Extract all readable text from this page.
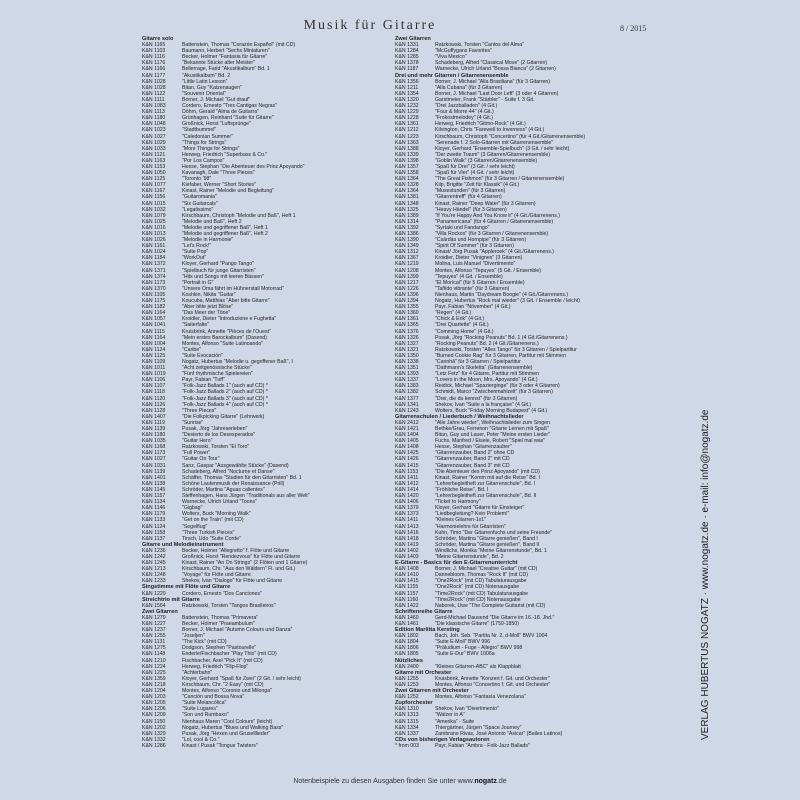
Musik für Gitarre	8 / 2015
Gitarre solo
K&N 1165	Battenstein, Thomas "Corazón Español" (mit CD)
K&N 1103	Baumann, Herbert "Sechs Miniaturen"
K&N 1116	Becker, Holmer "Fantasia für Gitarre"
K&N 1176	"Bekannte Stücke alter Meister"
K&N 1166	Bellerrage, Farid "Akustikalbum" Bd. 1
K&N 1177	"Akustikalbum" Bd. 2
K&N 1028	"Little Latin Lesson"
K&N 1028	Bitan, Guy "Katzenaugen"
K&N 1122	"Souvenir Oriental"
K&N 1111	Borner, J. Michael "Gut drauf"
K&N 1083	Cordero, Ernesto "Tres Cantigas Negras"
K&N 1113	Döhrn, Gerald "Alma de Guitarra"
K&N 1180	Grünhagen, Reinhard "Suite für Gitarre"
K&N 1048	Großnick, Horst "Luftsprünge"
K&N 1023	"Stadtbummel"
K&N 1027	"Caledonian Summer"
K&N 1029	"Things for Strings"
K&N 1033	"More Things for Strings"
K&N 1121	Herweg, Friedrich "Superbass & Co."
K&N 1163	"Por Los Campos"
K&N 1153	Hesse, Stephan "Die Abenteuer des Prinz Apoyando"
K&N 1050	Kavanagh, Dale "Three Pieces"
K&N 1125	"Toronto '98"
K&N 1077	Kiefaber, Werner "Short Stories"
K&N 1167	Kinast, Rainer "Melodie und Begleitung"
K&N 1156	"Guitaromania"
K&N 1015	"Six Guitarcals"
K&N 1032	"Legatissimo"
K&N 1079	Kirschbaum, Christoph "Melodie und Baß", Heft 1
K&N 1025	"Melodie und Baß", Heft 2
K&N 1016	"Melodie und gegriffener Baß", Heft 1
K&N 1013	"Melodie und gegriffener Baß", Heft 2
K&N 1026	"Melodie in Harmonie"
K&N 1161	"Let's Rock!"
K&N 1024	"Suite Pop"
K&N 1184	"WorkOut"
K&N 1372	Kloyer, Gerhard "Pango Tango"
K&N 1371	"Spielbuch für junge Gitarristen"
K&N 1374	"Hits und Songs mit leeren Bässen"
K&N 1173	"Portrait in G"
K&N 1370	"Unsere Oma fährt im Hühnerstall Motorrad"
K&N 1105	Koshkin, Nikita "Guitar"
K&N 1175	Koucuba, Matthias "Aber bitte Gitarre"
K&N 1182	"Aber bitte jetzt Blöse"
K&N 1164	"Das Meer der Töne"
K&N 1057	Kroidler, Dieter "Introduzione e Fughetta"
K&N 1041	"Saiterfalte"
K&N 1115	Kruisbrink, Annette "Pièces de l'Ouest"
K&N 1164	"Mein erstes Barockalbum" (Dasend)
K&N 1004	Montes, Alfonso "Suite Latinoando"
K&N 1124	"Caribe"
K&N 1125	"Suite Evocación"
K&N 1109	Nogatz, Hubertus "Melodie u. gegriffener Baß", I
K&N 1011	"Acht zeitgenössische Stücke"
K&N 1019	"Fünf rhythmische Spielereien"
K&N 1106	Payr, Fabian "Tuff"
K&N 1107	"Folk-Jazz Ballads 1" (auch auf CD) *
K&N 1118	"Folk-Jazz Ballads 2" (auch auf CD) *
K&N 1120	"Folk-Jazz Ballads 3" (auch auf CD) *
K&N 1126	"Folk-Jazz Ballads 4" (auch auf CD) *
K&N 1128	"Three Pieces"
K&N 1407	"Die Folkpicking Gitarre" (Lehrwerk)
K&N 1119	"Sunrise"
K&N 1139	Pusak, Jörg "Jahreserleben"
K&N 1180	"Desierto de los Desesperados"
K&N 1035	"Guitar Hero"
K&N 1168	Ratzkowski, Torsten "El Toro"
K&N 1173	"Full Power"
K&N 1027	"Guitar On Tour"
K&N 1031	Sanz, Gaspar "Ausgewählte Stücke" (Dasend)
K&N 1139	Schadeberg, Alfred "Nocturne et Danse"
K&N 1401	Schäffer, Thomas "Studien für den Gitarristen" Bd. 1
K&N 1138	Schöne Lautenmusik der Renaissance (Prill)
K&N 1145	Schröder, Martina "Aguas calientes"
K&N 1157	Steffenhagen, Hans Jürgen "Traditionals aus aller Welt"
K&N 1134	Warnecke, Ulrich Urland "Toons"
K&N 1146	"Gigbag"
K&N 1179	Wolters, Buck "Morning Walk"
K&N 1133	"Get on the Train" (mit CD)
K&N 1124	"Segelflug"
K&N 1158	"Three Turkish Pieces"
K&N 1137	Tirsch, Udo "Suite Corde"
Gitarre und Melodieinstrument
K&N 1236	Becker, Holmer "Allegretto" f. Flöte und Gitarre
K&N 1242	Großnick, Horst "Rendezvous" für Flöte und Gitarre
K&N 1245	Kinast, Rainer "An On Strings" (2 Flöten und 1 Gitarre)
K&N 1213	Kirschbaum, Chr. "Aus den Wäldern" Fl. und Git.)
K&N 1248	"Voyage" für Flöte und Gitarre
K&N 1233	Shekov, Ivan "Dialogo" für Flöte und Gitarre
Singstimme mit Flöte und Gitarre
K&N 1220	Cordero, Ernesto "Dos Canciones"
Streichtrio mit Gitarre
K&N 1564	Ratzkowski, Torsten "Tangos Brasileiros"
Zwei Gitarren
K&N 1279	Battenstein, Thomas "Primavera"
K&N 1227	Becker, Holmer "Praeambulum"
K&N 1237	Borner, J. Michael "Autumn Colours und Danza"
K&N 1255	"Joseljen"
K&N 1131	"The Kick" (mit CD)
K&N 1275	Dodgson, Stephen "Pastourelle"
K&N 1148	Enderle/Fischbacher "Play This" (mit CD)
K&N 1210	Fischbacher, Axel "Pick It" (mit CD)
K&N 1224	Herweg, Friedrich "Flip-Flop"
K&N 1225	"Achterbahn"
K&N 1359	Kloyer, Gerhard "Spaß für Zwei" (2 Git. / sehr leicht)
K&N 1218	Kirschbaum, Chr. "2 Easy" (mit CD)
K&N 1204	Montes, Alfonso "Coronio und Milonga"
K&N 1203	"Canción und Bossa Nova"
K&N 1205	"Suite Melancólica"
K&N 1206	"Suite Lugares"
K&N 1209	"Son und Rumbaxo"
K&N 1150	Nienhaus Maren "Cool Colours" (leicht)
K&N 1202	Nogatz, Hubertus "Blues und Walking Bass"
K&N 1329	Pusak, Jörg "Hexen und Gruselllieder"
K&N 1332	"Lol, cool & Co."
K&N 1286	Kinast / Pusak "Tongue Twisters"
Zwei Gitarren
K&N 1331	Ratzkowski, Torsten "Cantos del Alma"
K&N 1284	"McGuffygans Favorites"
K&N 1285	"Viva Mexico"
K&N 1378	Schadeberg, Alfred "Classical Move" (2 Gitarren)
K&N 1187	Warnecke, Ulrich Urland "Bossa Bianca" (2 Gitarren)
Drei und mehr Gitarren / Gitarrenensemble
K&N 1356	Borner, J. Michael "Alla Brasiliana" (für 3 Gitarren)
K&N 1211	"Alla Cubana" (für 3 Gitarren)
K&N 1354	Borner, J. Michael "Last Door Left" (3 oder 4 Gitarren)
K&N 1320	Garstmeier, Frank "Stärbler" - Suite f. 3 Git.
K&N 1232	"Drei Jazzballaden" (4 Git.)
K&N 1229	"Four & Morre 44" (4 Git.)
K&N 1228	"Frokostmelodey" (4 Git.)
K&N 1361	Herweg, Friedrich "Gitmo-Rock" (4 Git.)
K&N 1212	Kilvington, Chris "Farewell to Inverness" (4 Git.)
K&N 1223	Kirschbaum, Christoph "Concertino" (für 4 Git./Gitarrenensemble)
K&N 1363	"Serenade f. 2 Solo-Gitarren mit Gitarrenensemble"
K&N 1388	Kloyer, Gerhard "Ensemble-Spielbuch" (3 Git. / sehr leicht)
K&N 1339	"Der zweite Traum" (3 Gitarren/Gitarrenensemble)
K&N 1398	"Goblin Walk" (3 Gitarren/Gitarrenensemble)
K&N 1357	"Spaß für Drei" (3 Git. / sehr leicht)
K&N 1358	"Spaß für Vier" (4 Git. / sehr leicht)
K&N 1364	"The Great Fishmon" (für 3 Gitarren / Gitarrenensemble)
K&N 1328	Kilp, Brigitte "Zeit für Klassik" (4 Git.)
K&N 1364	"Musestunden" (für 3 Gitarren)
K&N 1381	"Gitarrentreff" (für 4 Gitarren)
K&N 1348	Kinast, Rainer "Deep Water" (für 3 Gitarren)
K&N 1325	"Heavy Händel" (für 3 Gitarren)
K&N 1389	"If You're Happy And You Know it" (4 Git./Gitarrenens.)
K&N 1314	"Panamericana" (für 4 Gitarren / Gitarrenensemble)
K&N 1392	"Syrtaki und Fandango"
K&N 1386	"Villa Rockos" (für 3 Gitarren / Gitarrenensemble)
K&N 1390	"Csárdás und Hornpipe" (für 3 Gitarren)
K&N 1349	"Spirit Of Summer" (für 3 Gitarren)
K&N 1312	Kinast/ Jörg Pusak "Appleroek" (4 Git./Gitarrenens.)
K&N 1367	Kroidler, Dieter "Vinignes" (3 Gitarren)
K&N 1219	Molina, Luis Manuel "Divertimento"
K&N 1208	Montes, Alfonso "Tepuyes" (5 Git. / Ensemble)
K&N 1399	"Tepuyes" (4 Git. / Ensemble)
K&N 1217	"El Morícal" (für 5 Gitarren / Ensemble)
K&N 1226	"Tañido vibrante" (für 3 Gitarren)
K&N 1396	Nienhaus, Martin "Daydream Boogie" (4 Git./Gitarrenens.)
K&N 1394	Nogatz, Hubertus "Rock mal wieder" (3 Git. / Ensemble / leicht)
K&N 1355	Payr, Fabian "Növember" (4 Git.)
K&N 1360	"Regen" (4 Git.)
K&N 1361	"Chick & Erik" (4 Git.)
K&N 1365	"Drei Quartette" (4 Git.)
K&N 1376	"Comming Home" (4 Git.)
K&N 1326	Pusak, Jörg "Rocking Peanuts" Bd. 1 (4 Git./Gitarrenens.)
K&N 1327	"Rocking Peanuts" Bd. 2 (4 Git./Gitarrenens.)
K&N 1321	Ratzkowski, Torsten "Alles Tango" für 3 Gitarren / Spielpartitur
K&N 1350	"Burned Cookie Rag" für 3 Gitarren, Partitur mit Stimmen
K&N 1338	"Carinhã" für 3 Gitarren / Spielpartitur
K&N 1351	"Dathmann's Skeletta" (Gitarrenensemble)
K&N 1393	"Letz Fetz" für 4 Gitarre, Partitur mit Stimmen
K&N 1337	"Lovers in the Moon, Mrs. Apoyando" (4 Git.)
K&N 1383	Reidick, Michael "Spazierginge" (für 3 oder 4 Gitarren)
K&N 1382	Schmidt, Marco "Zwischenmahlzeit" (für 3 Gitarren)
K&N 1377	"Drei, die du kennst" (für 3 Gitarren)
K&N 1341	Shekov, Ivan "Suite a la française" (4 Git.)
K&N 1243	Wolters, Buck "Friday Morning Budapest" (4 Git.)
Gitarrenschulen / Liederbuch / Weihnachtslieder
K&N 2412	"Alle Jahre wieder", Weihnachtslieder zum Singen
K&N 1421	Bethke/Grau, Ferrenon "Gitarre Lernen mit Spaß"
K&N 1404	Bitan, Guy und Lauer, Peter "Meine ersten Lieder"
K&N 1405	Fuchs, Manfred / Eisele, Robert "Spiel mal was"
K&N 1408	Hesse, Stephan "Gitarrenzauber"
K&N 1425	"Gitarrenzauber, Band 2" ohne CD
K&N 1426	"Gitarrenzauber, Band 2" mit CD
K&N 1415	"Gitarrenzauber, Band 3" mit CD
K&N 1153	"Die Abenteuer des Prinz Apoyando" (mit CD)
K&N 1411	Kinast, Rainer "Komm mit auf die Reise" Bd. I
K&N 1412	"Lehrerbegleitheft zur Gitarrenschule", Bd. I
K&N 1414	"Fröhliche Reise", Bd. I
K&N 1420	"Lehrerbegleitheft zur Gitarrenschule", Bd. II
K&N 1406	"Ticket to Harmony"
K&N 1379	Kloyer, Gerhard "Gitarre für Einsteiger"
K&N 1373	"Liedbegleitung? Kein Problem!"
K&N 1411	"Kleines Gitarren-1x1"
K&N 1413	"Harmonielehre für Gitarristen"
K&N 1416	Kuhn, Timo "Der Gitarrenfuchs und seine Freunde"
K&N 1418	Schröder, Martina "Gitarre genießen", Band I
K&N 1419	Schröder, Martina "Gitarre genießen", Band II
K&N 1402	Windlichs, Monika "Meine Gitarrenstunde", Bd. 1
K&N 1403	"Meine Gitarrenstunde", Bd. 2
E-Gitarre - Basics für den E-Gitarrenunterricht
K&N 1408	Borner, J. Michael "Creative Guitar" (mit CD)
K&N 1410	Dannebloom, Thomas "Rock It" (mit CD)
K&N 1415	"One2Rock" (mit CD) Tabulaturausgabe
K&N 1155	"One2Rock" (mit CD) Notenausgabe
K&N 1157	"Time2Rock" (mit CD) Tabulaturausgabe
K&N 1160	"Time2Rock" (mit CD) Notenausgabe
K&N 1422	Naborek, Uwe "The Complete Guitarist (mit CD)
Schriftenreihe Gitarre
K&N 1460	Gerd-Michael Dausend "Die Gitarre im 16.-18. Jhd."
K&N 1461	"Die klassische Gitarre" (1750-1850)
Edition Marlitta Kersting
K&N 1802	Bach, Joh. Seb. "Partita Nr. 2, d-Moll" BWV 1004
K&N 1804	"Suite E-Moll" BWV 996
K&N 1806	"Präludium - Fuge - Allegro" BWV 998
K&N 1805	"Suite E-Dur" BWV 1006a
Nützliches
K&N 2400	"Kleines Gitarren-ABC" als Klappblatt
Gitarre mit Orchester
K&N 1255	Kruisbrink, Annette "Konzert f. Git. und Orchester"
K&N 1253	Montes, Alfonso "Concertino f. Git. und Orchester"
Zwei Gitarren mit Orchester
K&N 1252	Montes, Alfonso "Fantasía Venezolana"
Zupforchester
K&N 1310	Shekov, Ivan "Divertimento"
K&N 1313	"Walzer in A"
K&N 1315	"Amerika" - Suite
K&N 1334	Thiergärtner, Jürgen "Space Journey"
K&N 1337	Zambrano Rivas, José Antonio "Asicar" (Bailes Latinos)
CDs von bisherigen Verlagsautoren
* from 003	Payr, Fabian "Ambra - Folk-Jazz Ballads"
VERLAG HUBERTUS NOGATZ · www.nogatz.de · e-mail: info@nogatz.de
Notenbeispiele zu diesen Ausgaben finden Sie unter www.nogatz.de
